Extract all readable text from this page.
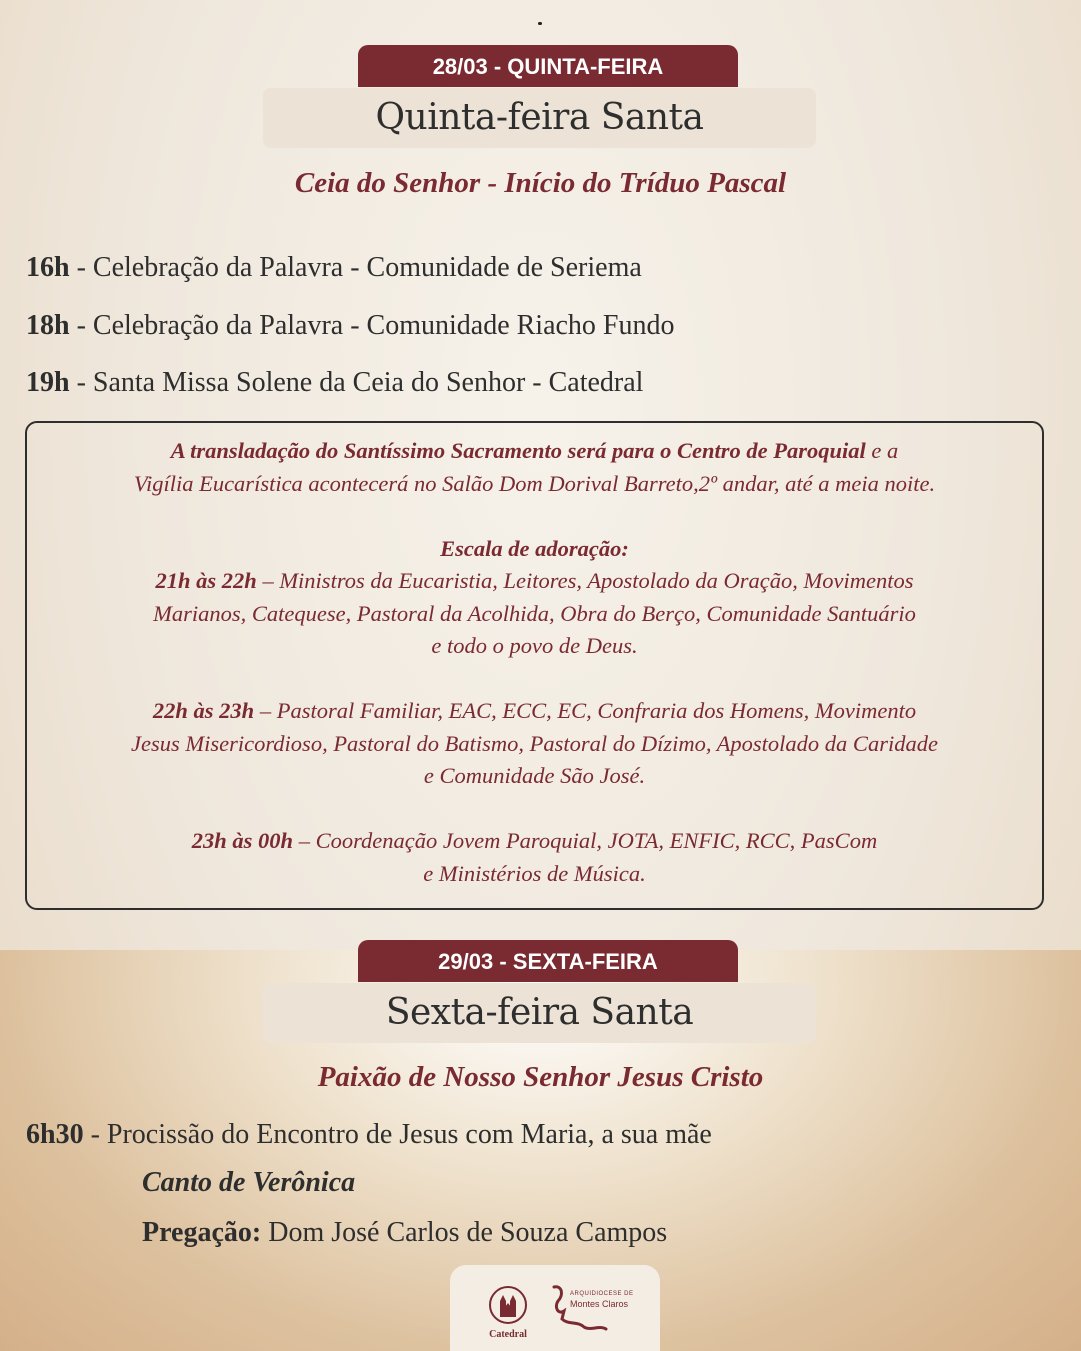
28/03 - QUINTA-FEIRA
Quinta-feira Santa
Ceia do Senhor - Início do Tríduo Pascal
16h - Celebração da Palavra - Comunidade de Seriema
18h - Celebração da Palavra - Comunidade Riacho Fundo
19h - Santa Missa Solene da Ceia do Senhor - Catedral
A transladação do Santíssimo Sacramento será para o Centro de Paroquial e a
Vigília Eucarística acontecerá no Salão Dom Dorival Barreto,2º andar, até a meia noite.
Escala de adoração:
21h às 22h – Ministros da Eucaristia, Leitores, Apostolado da Oração, Movimentos
Marianos, Catequese, Pastoral da Acolhida, Obra do Berço, Comunidade Santuário
e todo o povo de Deus.
22h às 23h – Pastoral Familiar, EAC, ECC, EC, Confraria dos Homens, Movimento
Jesus Misericordioso, Pastoral do Batismo, Pastoral do Dízimo, Apostolado da Caridade
e Comunidade São José.
23h às 00h – Coordenação Jovem Paroquial, JOTA, ENFIC, RCC, PasCom
e Ministérios de Música.
29/03 - SEXTA-FEIRA
Sexta-feira Santa
Paixão de Nosso Senhor Jesus Cristo
6h30 - Procissão do Encontro de Jesus com Maria, a sua mãe
Canto de Verônica
Pregação: Dom José Carlos de Souza Campos
Catedral
ARQUIDIOCESE DE
Montes Claros
